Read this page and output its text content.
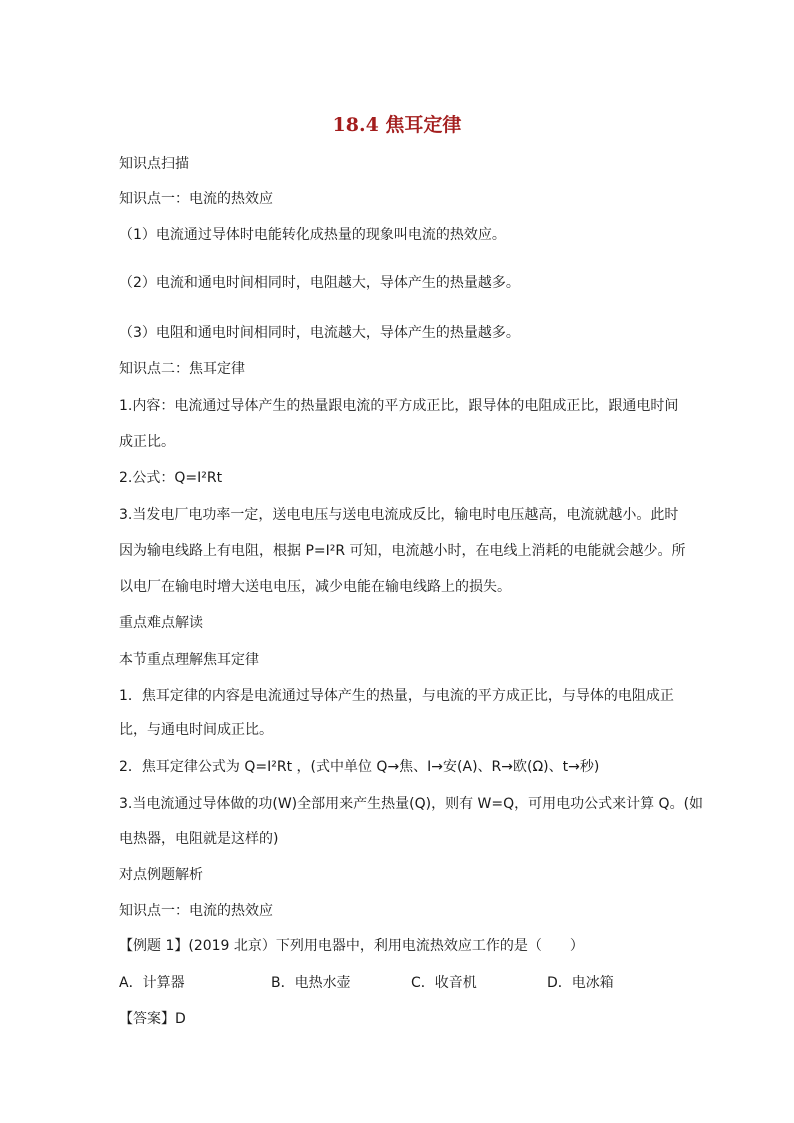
18.4 焦耳定律
知识点扫描
知识点一：电流的热效应
（1）电流通过导体时电能转化成热量的现象叫电流的热效应。
（2）电流和通电时间相同时，电阻越大，导体产生的热量越多。
（3）电阻和通电时间相同时，电流越大，导体产生的热量越多。
知识点二：焦耳定律
1.内容：电流通过导体产生的热量跟电流的平方成正比，跟导体的电阻成正比，跟通电时间
成正比。
2.公式：Q=I²Rt
3.当发电厂电功率一定，送电电压与送电电流成反比，输电时电压越高，电流就越小。此时
因为输电线路上有电阻，根据 P=I²R 可知，电流越小时，在电线上消耗的电能就会越少。所
以电厂在输电时增大送电电压，减少电能在输电线路上的损失。
重点难点解读
本节重点理解焦耳定律
1．焦耳定律的内容是电流通过导体产生的热量，与电流的平方成正比，与导体的电阻成正
比，与通电时间成正比。
2．焦耳定律公式为 Q=I²Rt ，(式中单位 Q→焦、I→安(A)、R→欧(Ω)、t→秒)
3.当电流通过导体做的功(W)全部用来产生热量(Q)，则有 W=Q，可用电功公式来计算 Q。(如
电热器，电阻就是这样的)
对点例题解析
知识点一：电流的热效应
【例题 1】(2019 北京）下列用电器中，利用电流热效应工作的是（　　）
A．计算器	B．电热水壶	C．收音机	D．电冰箱
【答案】D
